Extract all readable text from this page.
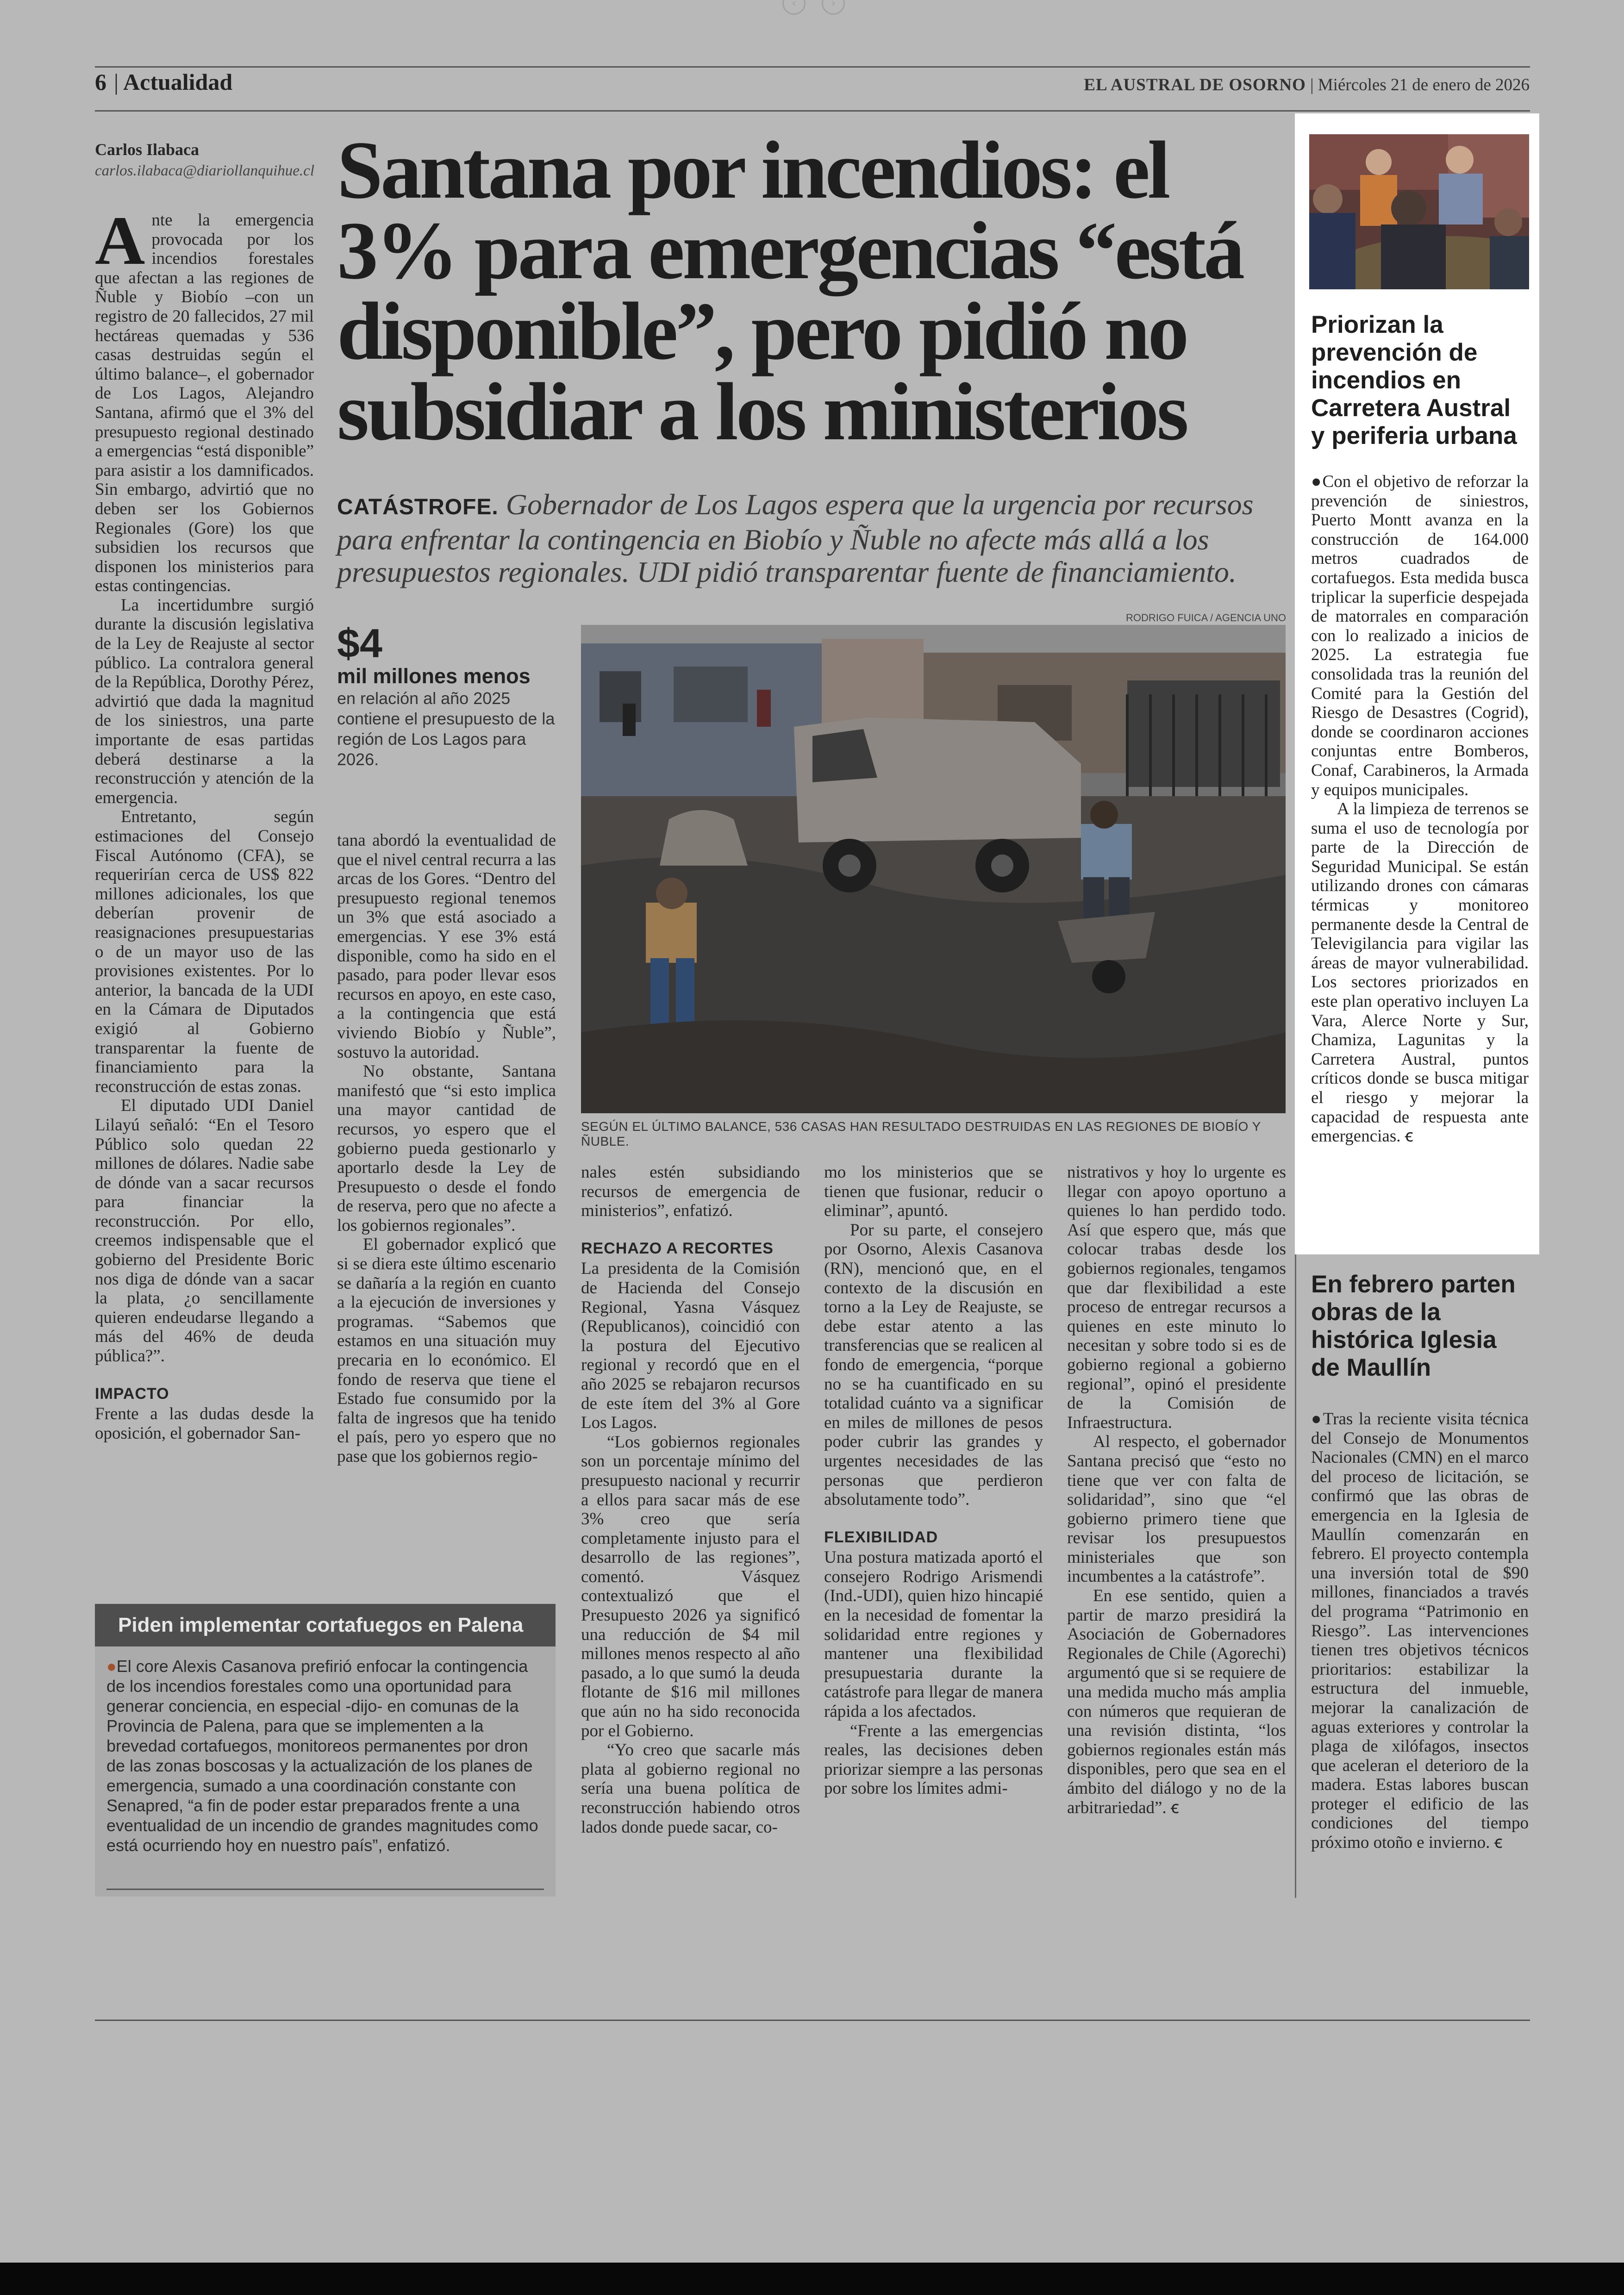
‹	›
6 | Actualidad	EL AUSTRAL DE OSORNO | Miércoles 21 de enero de 2026
Carlos Ilabaca
carlos.ilabaca@diariollanquihue.cl

Ante la emergencia provocada por los incendios forestales que afectan a las regiones de Ñuble y Biobío –con un registro de 20 fallecidos, 27 mil hectáreas quemadas y 536 casas destruidas según el último balance–, el gobernador de Los Lagos, Alejandro Santana, afirmó que el 3% del presupuesto regional destinado a emergencias “está disponible” para asistir a los damnificados. Sin embargo, advirtió que no deben ser los Gobiernos Regionales (Gore) los que subsidien los recursos que disponen los ministerios para estas contingencias.

La incertidumbre surgió durante la discusión legislativa de la Ley de Reajuste al sector público. La contralora general de la República, Dorothy Pérez, advirtió que dada la magnitud de los siniestros, una parte importante de esas partidas deberá destinarse a la reconstrucción y atención de la emergencia.

Entretanto, según estimaciones del Consejo Fiscal Autónomo (CFA), se requerirían cerca de US$ 822 millones adicionales, los que deberían provenir de reasignaciones presupuestarias o de un mayor uso de las provisiones existentes. Por lo anterior, la bancada de la UDI en la Cámara de Diputados exigió al Gobierno transparentar la fuente de financiamiento para la reconstrucción de estas zonas.

El diputado UDI Daniel Lilayú señaló: “En el Tesoro Público solo quedan 22 millones de dólares. Nadie sabe de dónde van a sacar recursos para financiar la reconstrucción. Por ello, creemos indispensable que el gobierno del Presidente Boric nos diga de dónde van a sacar la plata, ¿o sencillamente quieren endeudarse llegando a más del 46% de deuda pública?”.

IMPACTO

Frente a las dudas desde la oposición, el gobernador San-

Santana por incendios: el 3% para emergencias “está disponible”, pero pidió no subsidiar a los ministerios
CATÁSTROFE. Gobernador de Los Lagos espera que la urgencia por recursos para enfrentar la contingencia en Biobío y Ñuble no afecte más allá a los presupuestos regionales. UDI pidió transparentar fuente de financiamiento.
$4
mil millones menos
en relación al año 2025 contiene el presupuesto de la región de Los Lagos para 2026.
RODRIGO FUICA / AGENCIA UNO
SEGÚN EL ÚLTIMO BALANCE, 536 CASAS HAN RESULTADO DESTRUIDAS EN LAS REGIONES DE BIOBÍO Y ÑUBLE.

tana abordó la eventualidad de que el nivel central recurra a las arcas de los Gores. “Dentro del presupuesto regional tenemos un 3% que está asociado a emergencias. Y ese 3% está disponible, como ha sido en el pasado, para poder llevar esos recursos en apoyo, en este caso, a la contingencia que está viviendo Biobío y Ñuble”, sostuvo la autoridad.

No obstante, Santana manifestó que “si esto implica una mayor cantidad de recursos, yo espero que el gobierno pueda gestionarlo y aportarlo desde la Ley de Presupuesto o desde el fondo de reserva, pero que no afecte a los gobiernos regionales”.

El gobernador explicó que si se diera este último escenario se dañaría a la región en cuanto a la ejecución de inversiones y programas. “Sabemos que estamos en una situación muy precaria en lo económico. El fondo de reserva que tiene el Estado fue consumido por la falta de ingresos que ha tenido el país, pero yo espero que no pase que los gobiernos regio-

nales estén subsidiando recursos de emergencia de ministerios”, enfatizó.

RECHAZO A RECORTES

La presidenta de la Comisión de Hacienda del Consejo Regional, Yasna Vásquez (Republicanos), coincidió con la postura del Ejecutivo regional y recordó que en el año 2025 se rebajaron recursos de este ítem del 3% al Gore Los Lagos.

“Los gobiernos regionales son un porcentaje mínimo del presupuesto nacional y recurrir a ellos para sacar más de ese 3% creo que sería completamente injusto para el desarrollo de las regiones”, comentó. Vásquez contextualizó que el Presupuesto 2026 ya significó una reducción de $4 mil millones menos respecto al año pasado, a lo que sumó la deuda flotante de $16 mil millones que aún no ha sido reconocida por el Gobierno.

“Yo creo que sacarle más plata al gobierno regional no sería una buena política de reconstrucción habiendo otros lados donde puede sacar, co-

mo los ministerios que se tienen que fusionar, reducir o eliminar”, apuntó.

Por su parte, el consejero por Osorno, Alexis Casanova (RN), mencionó que, en el contexto de la discusión en torno a la Ley de Reajuste, se debe estar atento a las transferencias que se realicen al fondo de emergencia, “porque no se ha cuantificado en su totalidad cuánto va a significar en miles de millones de pesos poder cubrir las grandes y urgentes necesidades de las personas que perdieron absolutamente todo”.

FLEXIBILIDAD

Una postura matizada aportó el consejero Rodrigo Arismendi (Ind.-UDI), quien hizo hincapié en la necesidad de fomentar la solidaridad entre regiones y mantener una flexibilidad presupuestaria durante la catástrofe para llegar de manera rápida a los afectados.

“Frente a las emergencias reales, las decisiones deben priorizar siempre a las personas por sobre los límites admi-

nistrativos y hoy lo urgente es llegar con apoyo oportuno a quienes lo han perdido todo. Así que espero que, más que colocar trabas desde los gobiernos regionales, tengamos que dar flexibilidad a este proceso de entregar recursos a quienes en este minuto lo necesitan y sobre todo si es de gobierno regional a gobierno regional”, opinó el presidente de la Comisión de Infraestructura.

Al respecto, el gobernador Santana precisó que “esto no tiene que ver con falta de solidaridad”, sino que “el gobierno primero tiene que revisar los presupuestos ministeriales que son incumbentes a la catástrofe”.

En ese sentido, quien a partir de marzo presidirá la Asociación de Gobernadores Regionales de Chile (Agorechi) argumentó que si se requiere de una medida mucho más amplia con números que requieran de una revisión distinta, “los gobiernos regionales están más disponibles, pero que sea en el ámbito del diálogo y no de la arbitrariedad”. ꞓ

Piden implementar cortafuegos en Palena
●El core Alexis Casanova prefirió enfocar la contingencia de los incendios forestales como una oportunidad para generar conciencia, en especial -dijo- en comunas de la Provincia de Palena, para que se implementen a la brevedad cortafuegos, monitoreos permanentes por dron de las zonas boscosas y la actualización de los planes de emergencia, sumado a una coordinación constante con Senapred, “a fin de poder estar preparados frente a una eventualidad de un incendio de grandes magnitudes como está ocurriendo hoy en nuestro país”, enfatizó.
Priorizan la prevención de incendios en Carretera Austral y periferia urbana

●Con el objetivo de reforzar la prevención de siniestros, Puerto Montt avanza en la construcción de 164.000 metros cuadrados de cortafuegos. Esta medida busca triplicar la superficie despejada de matorrales en comparación con lo realizado a inicios de 2025. La estrategia fue consolidada tras la reunión del Comité para la Gestión del Riesgo de Desastres (Cogrid), donde se coordinaron acciones conjuntas entre Bomberos, Conaf, Carabineros, la Armada y equipos municipales.

A la limpieza de terrenos se suma el uso de tecnología por parte de la Dirección de Seguridad Municipal. Se están utilizando drones con cámaras térmicas y monitoreo permanente desde la Central de Televigilancia para vigilar las áreas de mayor vulnerabilidad. Los sectores priorizados en este plan operativo incluyen La Vara, Alerce Norte y Sur, Chamiza, Lagunitas y la Carretera Austral, puntos críticos donde se busca mitigar el riesgo y mejorar la capacidad de respuesta ante emergencias. ꞓ

En febrero parten obras de la histórica Iglesia de Maullín

●Tras la reciente visita técnica del Consejo de Monumentos Nacionales (CMN) en el marco del proceso de licitación, se confirmó que las obras de emergencia en la Iglesia de Maullín comenzarán en febrero. El proyecto contempla una inversión total de $90 millones, financiados a través del programa “Patrimonio en Riesgo”. Las intervenciones tienen tres objetivos técnicos prioritarios: estabilizar la estructura del inmueble, mejorar la canalización de aguas exteriores y controlar la plaga de xilófagos, insectos que aceleran el deterioro de la madera. Estas labores buscan proteger el edificio de las condiciones del tiempo próximo otoño e invierno. ꞓ
